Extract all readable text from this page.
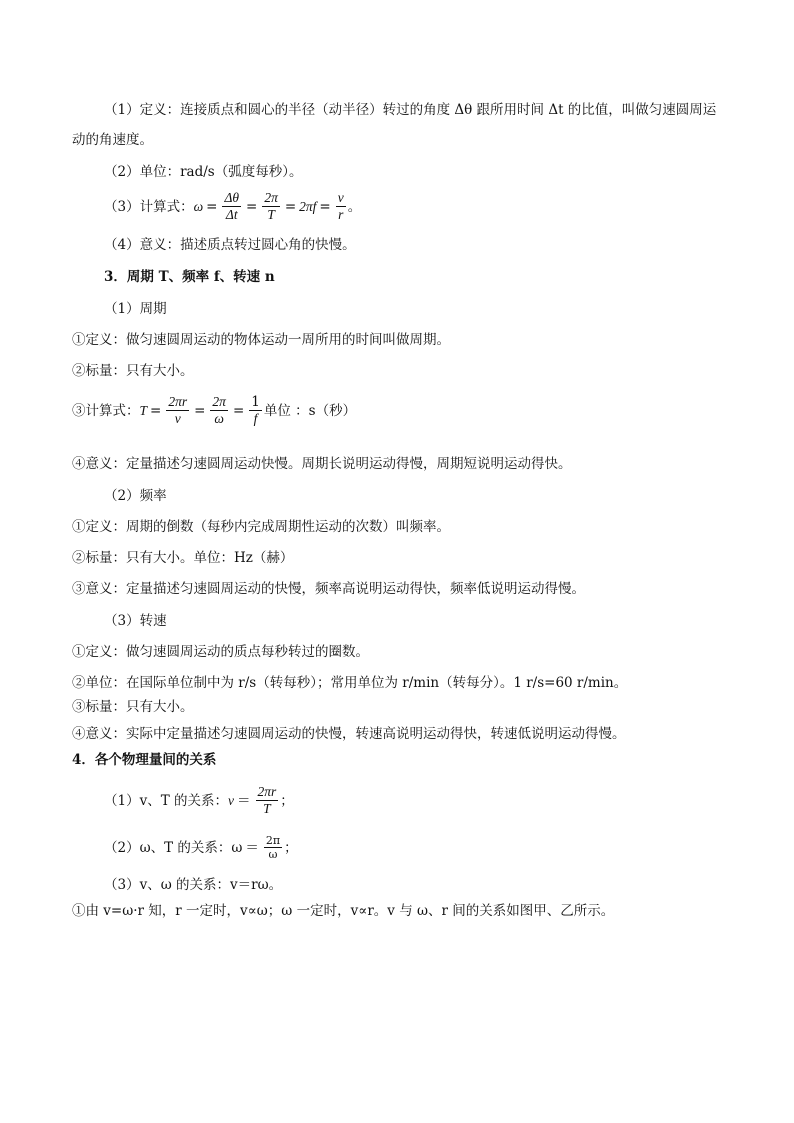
（1）定义：连接质点和圆心的半径（动半径）转过的角度 Δθ 跟所用时间 Δt 的比值，叫做匀速圆周运
动的角速度。
（2）单位：rad/s（弧度每秒）。
（3）计算式： $\omega = \frac{\Delta\theta}{\Delta t} = \frac{2\pi}{T} = 2\pi f = \frac{v}{r}$ 。
（4）意义：描述质点转过圆心角的快慢。
3．周期 T、频率 f、转速 n
（1）周期
①定义：做匀速圆周运动的物体运动一周所用的时间叫做周期。
②标量：只有大小。
③计算式： $T = \frac{2\pi r}{v} = \frac{2\pi}{\omega} = \frac{1}{f}$ 单位 ：s（秒）
④意义：定量描述匀速圆周运动快慢。周期长说明运动得慢，周期短说明运动得快。
（2）频率
①定义：周期的倒数（每秒内完成周期性运动的次数）叫频率。
②标量：只有大小。单位：Hz（赫）
③意义：定量描述匀速圆周运动的快慢，频率高说明运动得快，频率低说明运动得慢。
（3）转速
①定义：做匀速圆周运动的质点每秒转过的圈数。
②单位：在国际单位制中为 r/s（转每秒）；常用单位为 r/min（转每分）。1 r/s=60 r/min。
③标量：只有大小。
④意义：实际中定量描述匀速圆周运动的快慢，转速高说明运动得快，转速低说明运动得慢。
4．各个物理量间的关系
（1）v、T 的关系： $v = \frac{2\pi r}{T}$ ；
（2）ω、T 的关系： $\omega = \frac{2\pi}{\omega}$ ；
（3）v、ω 的关系：v＝rω。
①由 v=ω·r 知，r 一定时，v∝ω；ω 一定时，v∝r。v 与 ω、r 间的关系如图甲、乙所示。
